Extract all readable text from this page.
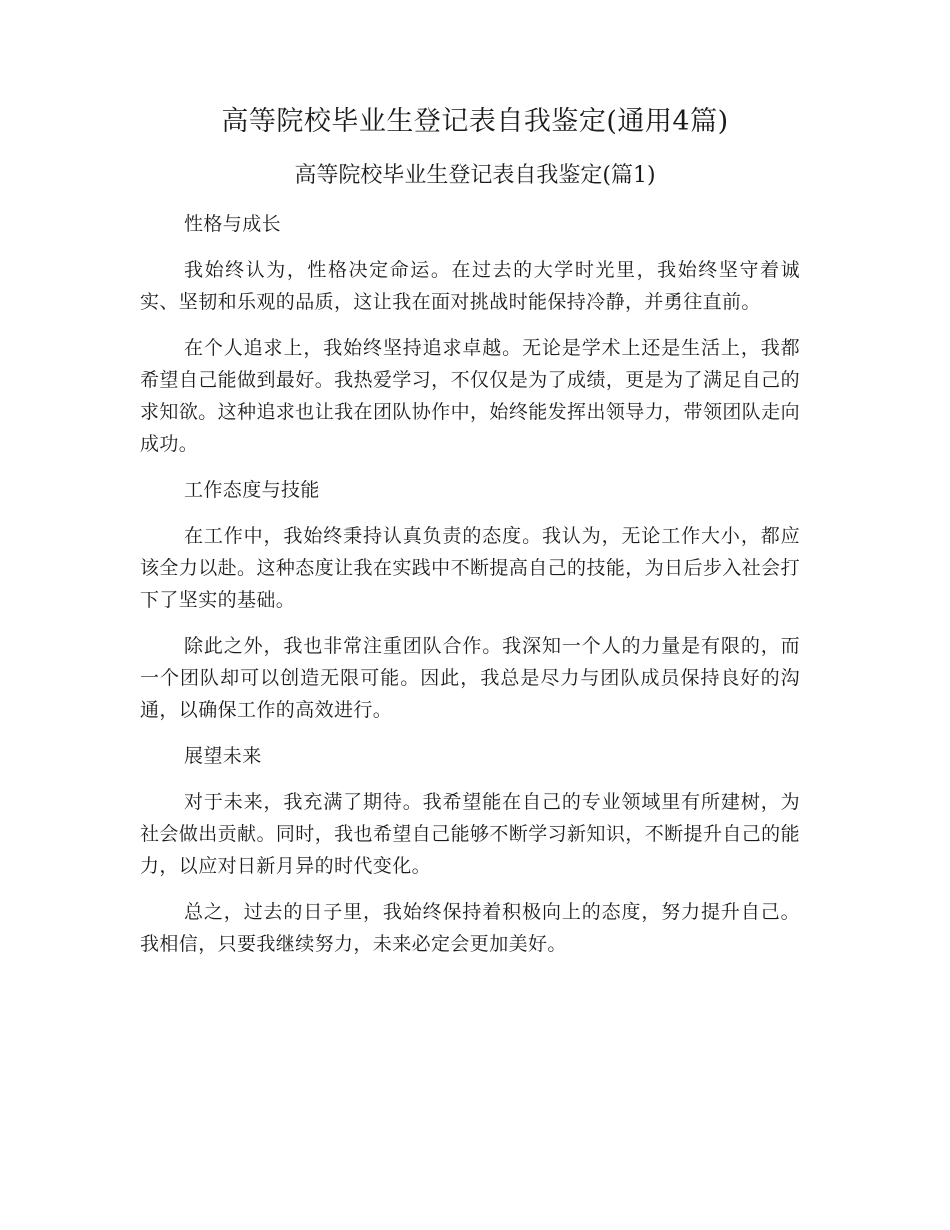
高等院校毕业生登记表自我鉴定(通用4篇)
高等院校毕业生登记表自我鉴定(篇1)

性格与成长

我始终认为，性格决定命运。在过去的大学时光里，我始终坚守着诚实、坚韧和乐观的品质，这让我在面对挑战时能保持冷静，并勇往直前。

在个人追求上，我始终坚持追求卓越。无论是学术上还是生活上，我都希望自己能做到最好。我热爱学习，不仅仅是为了成绩，更是为了满足自己的求知欲。这种追求也让我在团队协作中，始终能发挥出领导力，带领团队走向成功。

工作态度与技能

在工作中，我始终秉持认真负责的态度。我认为，无论工作大小，都应该全力以赴。这种态度让我在实践中不断提高自己的技能，为日后步入社会打下了坚实的基础。

除此之外，我也非常注重团队合作。我深知一个人的力量是有限的，而一个团队却可以创造无限可能。因此，我总是尽力与团队成员保持良好的沟通，以确保工作的高效进行。

展望未来

对于未来，我充满了期待。我希望能在自己的专业领域里有所建树，为社会做出贡献。同时，我也希望自己能够不断学习新知识，不断提升自己的能力，以应对日新月异的时代变化。

总之，过去的日子里，我始终保持着积极向上的态度，努力提升自己。我相信，只要我继续努力，未来必定会更加美好。
